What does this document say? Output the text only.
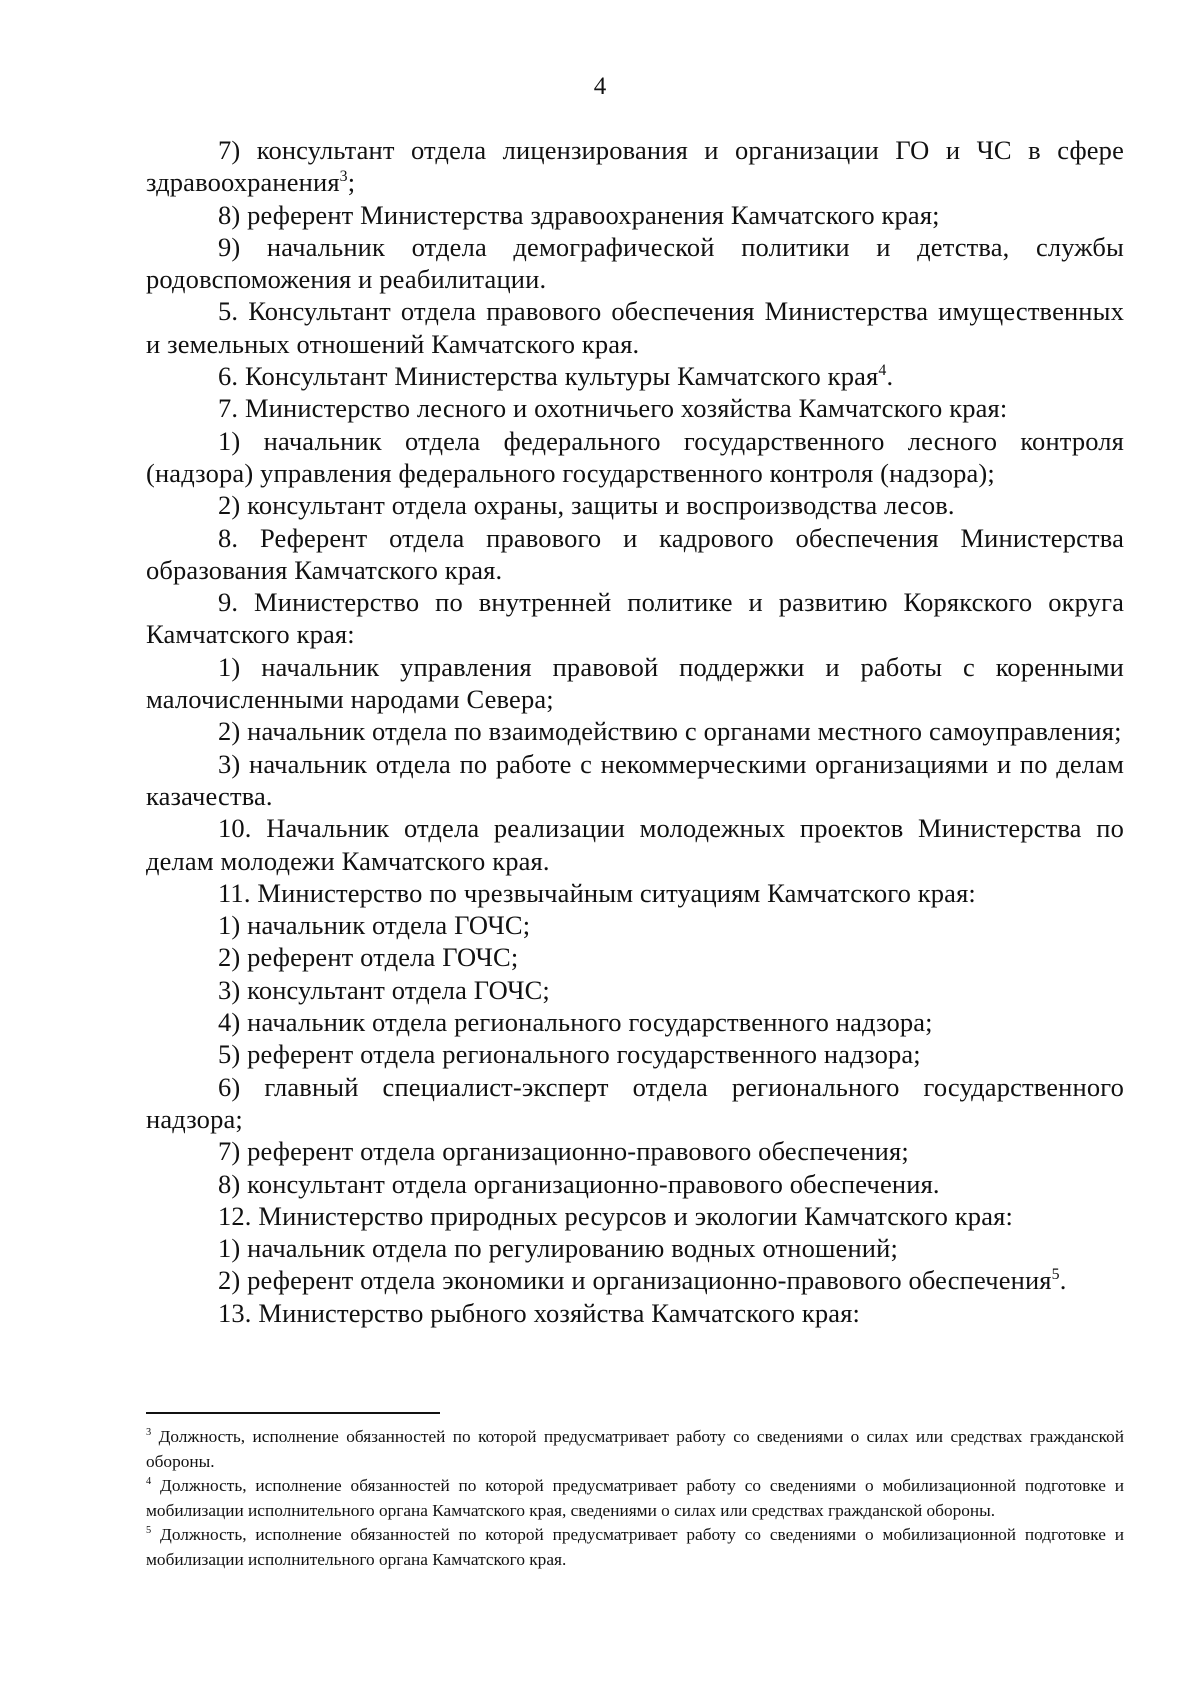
4

7) консультант отдела лицензирования и организации ГО и ЧС в сфере здравоохранения$^3$;

8) референт Министерства здравоохранения Камчатского края;

9) начальник отдела демографической политики и детства, службы родовспоможения и реабилитации.

5. Консультант отдела правового обеспечения Министерства имущественных и земельных отношений Камчатского края.

6. Консультант Министерства культуры Камчатского края$^4$.

7. Министерство лесного и охотничьего хозяйства Камчатского края:

1) начальник отдела федерального государственного лесного контроля (надзора) управления федерального государственного контроля (надзора);

2) консультант отдела охраны, защиты и воспроизводства лесов.

8. Референт отдела правового и кадрового обеспечения Министерства образования Камчатского края.

9. Министерство по внутренней политике и развитию Корякского округа Камчатского края:

1) начальник управления правовой поддержки и работы с коренными малочисленными народами Севера;

2) начальник отдела по взаимодействию с органами местного самоуправления;

3) начальник отдела по работе с некоммерческими организациями и по делам казачества.

10. Начальник отдела реализации молодежных проектов Министерства по делам молодежи Камчатского края.

11. Министерство по чрезвычайным ситуациям Камчатского края:

1) начальник отдела ГОЧС;

2) референт отдела ГОЧС;

3) консультант отдела ГОЧС;

4) начальник отдела регионального государственного надзора;

5) референт отдела регионального государственного надзора;

6) главный специалист-эксперт отдела регионального государственного надзора;

7) референт отдела организационно-правового обеспечения;

8) консультант отдела организационно-правового обеспечения.

12. Министерство природных ресурсов и экологии Камчатского края:

1) начальник отдела по регулированию водных отношений;

2) референт отдела экономики и организационно-правового обеспечения$^5$.

13. Министерство рыбного хозяйства Камчатского края:

$^3$ Должность, исполнение обязанностей по которой предусматривает работу со сведениями о силах или средствах гражданской обороны.

$^4$ Должность, исполнение обязанностей по которой предусматривает работу со сведениями о мобилизационной подготовке и мобилизации исполнительного органа Камчатского края, сведениями о силах или средствах гражданской обороны.

$^5$ Должность, исполнение обязанностей по которой предусматривает работу со сведениями о мобилизационной подготовке и мобилизации исполнительного органа Камчатского края.
